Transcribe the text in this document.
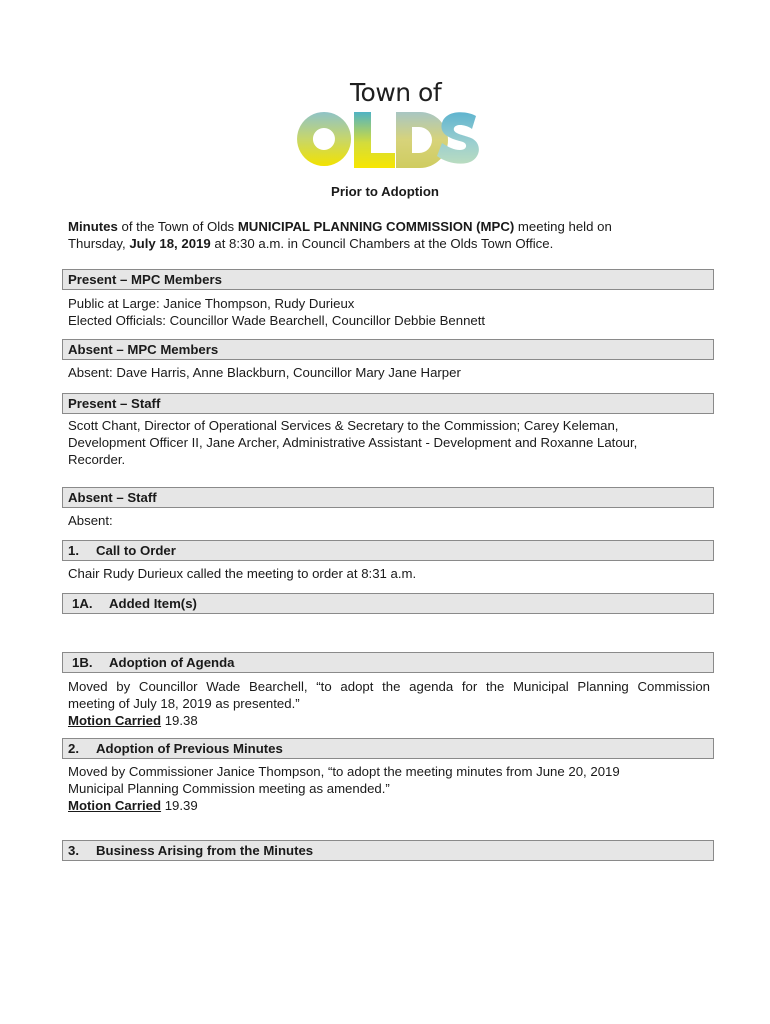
Town of
Prior to Adoption
Minutes of the Town of Olds MUNICIPAL PLANNING COMMISSION (MPC) meeting held on
Thursday, July 18, 2019 at 8:30 a.m. in Council Chambers at the Olds Town Office.
Present – MPC Members
Public at Large: Janice Thompson, Rudy Durieux
Elected Officials: Councillor Wade Bearchell, Councillor Debbie Bennett
Absent – MPC Members
Absent: Dave Harris, Anne Blackburn, Councillor Mary Jane Harper
Present – Staff
Scott Chant, Director of Operational Services & Secretary to the Commission; Carey Keleman,
Development Officer II, Jane Archer, Administrative Assistant - Development and Roxanne Latour,
Recorder.
Absent – Staff
Absent:
1. Call to Order
Chair Rudy Durieux called the meeting to order at 8:31 a.m.
1A. Added Item(s)
1B. Adoption of Agenda
Moved by Councillor Wade Bearchell, “to adopt the agenda for the Municipal Planning Commission
meeting of July 18, 2019 as presented.”
Motion Carried 19.38
2. Adoption of Previous Minutes
Moved by Commissioner Janice Thompson, “to adopt the meeting minutes from June 20, 2019
Municipal Planning Commission meeting as amended.”
Motion Carried 19.39
3. Business Arising from the Minutes
